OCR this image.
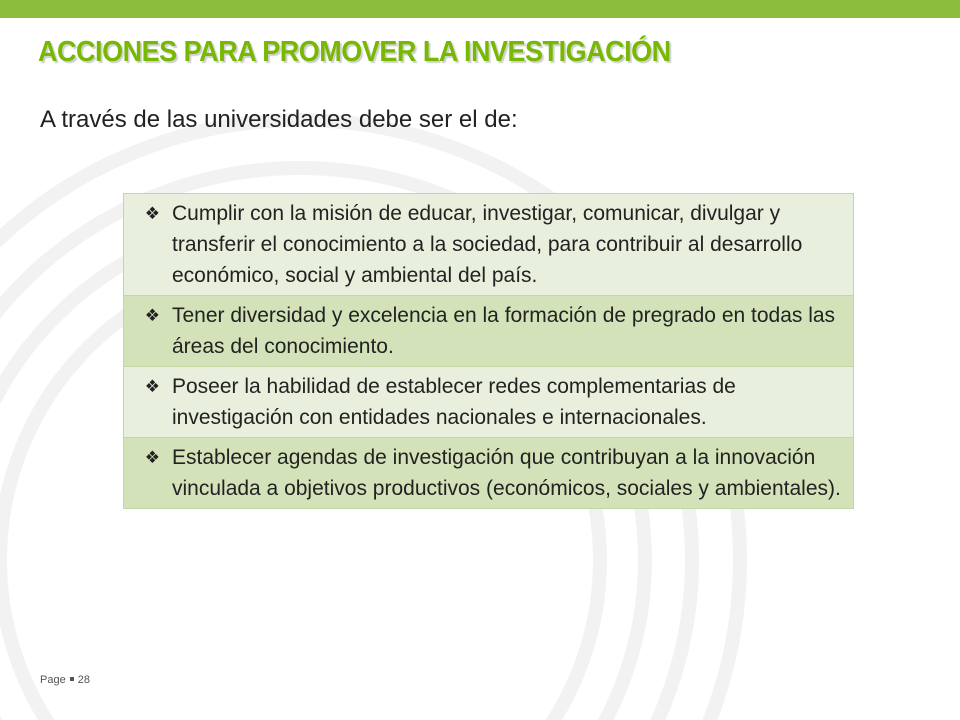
ACCIONES PARA PROMOVER LA INVESTIGACIÓN

A través de las universidades debe ser el de:

❖ Cumplir con la misión de educar, investigar, comunicar, divulgar y transferir el conocimiento a la sociedad, para contribuir al desarrollo económico, social y ambiental del país.

❖ Tener diversidad y excelencia en la formación de pregrado en todas las áreas del conocimiento.

❖ Poseer la habilidad de establecer redes complementarias de investigación con entidades nacionales e internacionales.

❖ Establecer agendas de investigación que contribuyan a la innovación vinculada a objetivos productivos (económicos, sociales y ambientales).
Page 28
